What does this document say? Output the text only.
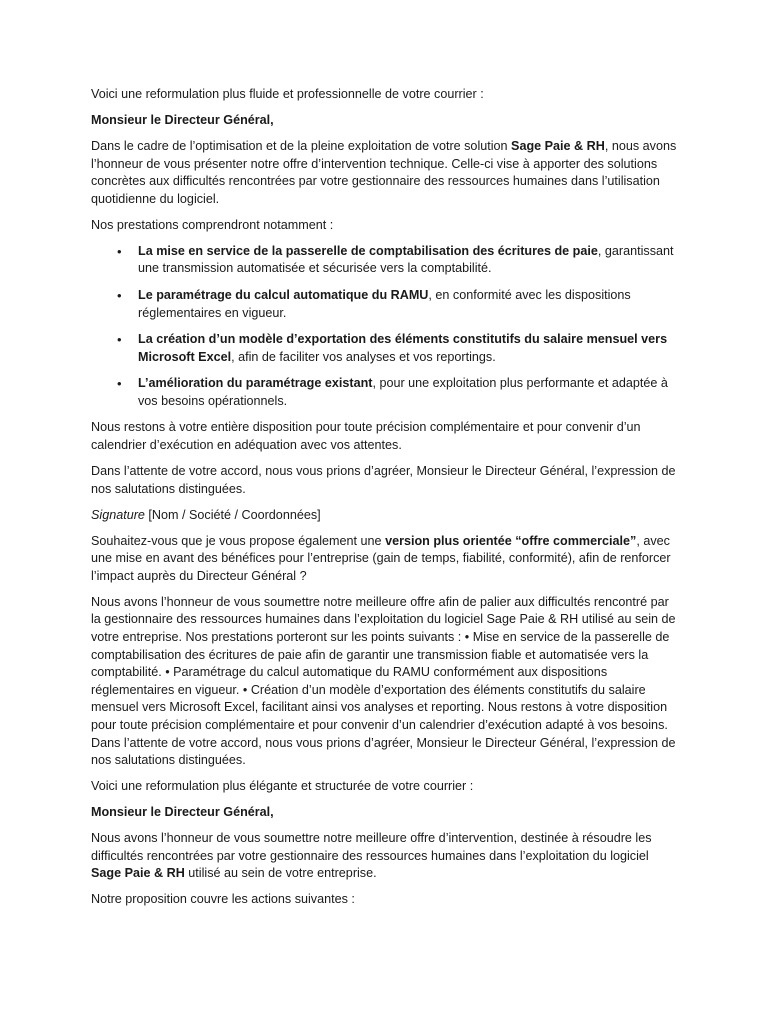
Voici une reformulation plus fluide et professionnelle de votre courrier :

Monsieur le Directeur Général,

Dans le cadre de l’optimisation et de la pleine exploitation de votre solution Sage Paie & RH, nous avons l’honneur de vous présenter notre offre d’intervention technique. Celle-ci vise à apporter des solutions concrètes aux difficultés rencontrées par votre gestionnaire des ressources humaines dans l’utilisation quotidienne du logiciel.

Nos prestations comprendront notamment :

• La mise en service de la passerelle de comptabilisation des écritures de paie, garantissant une transmission automatisée et sécurisée vers la comptabilité.
• Le paramétrage du calcul automatique du RAMU, en conformité avec les dispositions réglementaires en vigueur.
• La création d’un modèle d’exportation des éléments constitutifs du salaire mensuel vers Microsoft Excel, afin de faciliter vos analyses et vos reportings.
• L’amélioration du paramétrage existant, pour une exploitation plus performante et adaptée à vos besoins opérationnels.

Nous restons à votre entière disposition pour toute précision complémentaire et pour convenir d’un calendrier d’exécution en adéquation avec vos attentes.

Dans l’attente de votre accord, nous vous prions d’agréer, Monsieur le Directeur Général, l’expression de nos salutations distinguées.

Signature [Nom / Société / Coordonnées]

Souhaitez-vous que je vous propose également une version plus orientée “offre commerciale”, avec une mise en avant des bénéfices pour l’entreprise (gain de temps, fiabilité, conformité), afin de renforcer l’impact auprès du Directeur Général ?

Nous avons l’honneur de vous soumettre notre meilleure offre afin de palier aux difficultés rencontré par la gestionnaire des ressources humaines dans l’exploitation du logiciel Sage Paie & RH utilisé au sein de votre entreprise. Nos prestations porteront sur les points suivants : • Mise en service de la passerelle de comptabilisation des écritures de paie afin de garantir une transmission fiable et automatisée vers la comptabilité. • Paramétrage du calcul automatique du RAMU conformément aux dispositions réglementaires en vigueur. • Création d’un modèle d’exportation des éléments constitutifs du salaire mensuel vers Microsoft Excel, facilitant ainsi vos analyses et reporting. Nous restons à votre disposition pour toute précision complémentaire et pour convenir d’un calendrier d’exécution adapté à vos besoins. Dans l’attente de votre accord, nous vous prions d’agréer, Monsieur le Directeur Général, l’expression de nos salutations distinguées.

Voici une reformulation plus élégante et structurée de votre courrier :

Monsieur le Directeur Général,

Nous avons l’honneur de vous soumettre notre meilleure offre d’intervention, destinée à résoudre les difficultés rencontrées par votre gestionnaire des ressources humaines dans l’exploitation du logiciel Sage Paie & RH utilisé au sein de votre entreprise.

Notre proposition couvre les actions suivantes :
